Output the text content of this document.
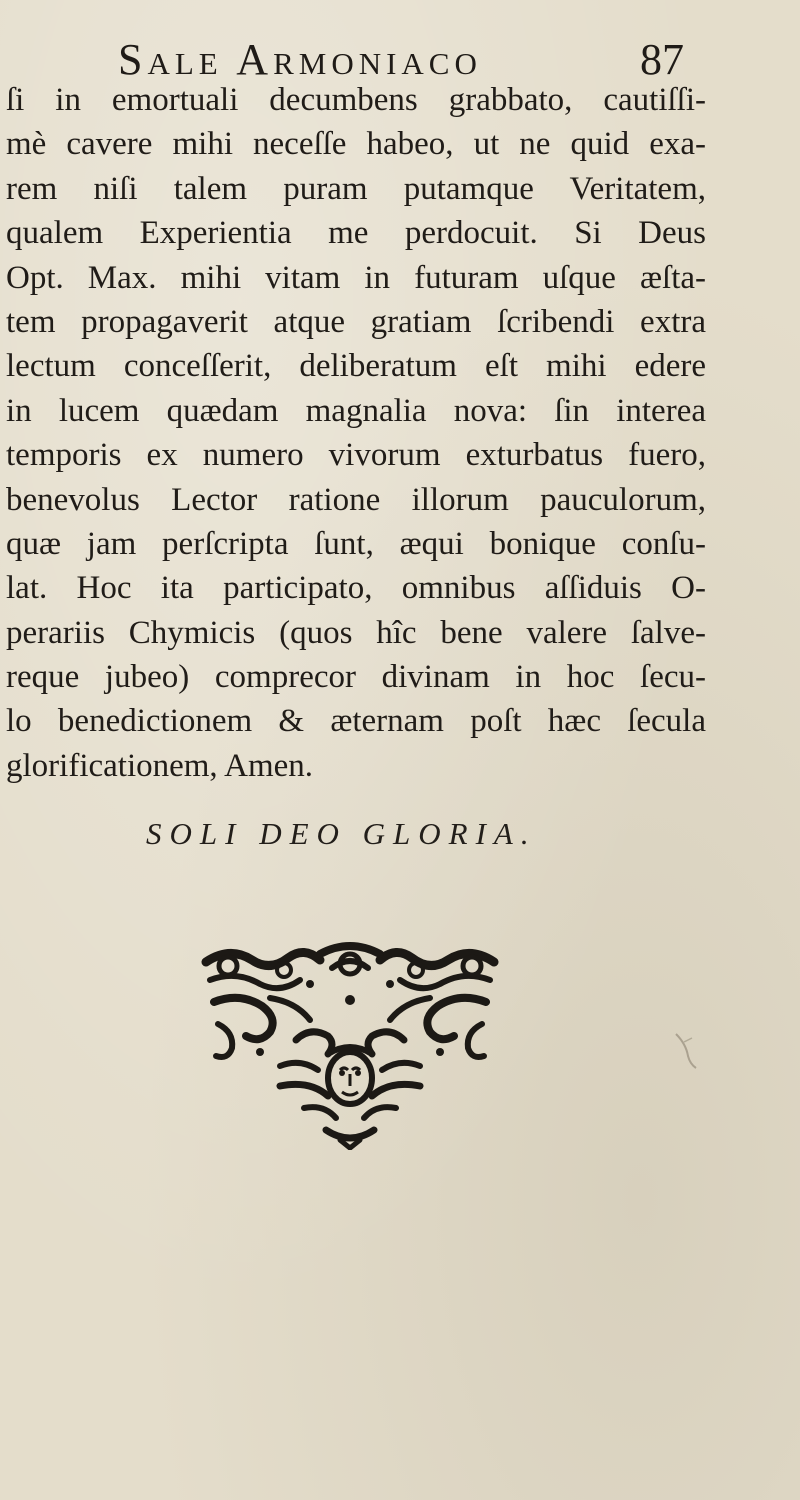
Sale Armoniaco	87
ſi in emortuali decumbens grabbato, cautiſſi-
mè cavere mihi neceſſe habeo, ut ne quid exa-
rem niſi talem puram putamque Veritatem,
qualem Experientia me perdocuit. Si Deus
Opt. Max. mihi vitam in futuram uſque æſta-
tem propagaverit atque gratiam ſcribendi extra
lectum conceſſerit, deliberatum eſt mihi edere
in lucem quædam magnalia nova: ſin interea
temporis ex numero vivorum exturbatus fuero,
benevolus Lector ratione illorum pauculorum,
quæ jam perſcripta ſunt, æqui bonique conſu-
lat. Hoc ita participato, omnibus aſſiduis O-
perariis Chymicis (quos hîc bene valere ſalve-
reque jubeo) comprecor divinam in hoc ſecu-
lo benedictionem & æternam poſt hæc ſecula
glorificationem, Amen.
SOLI DEO GLORIA.
